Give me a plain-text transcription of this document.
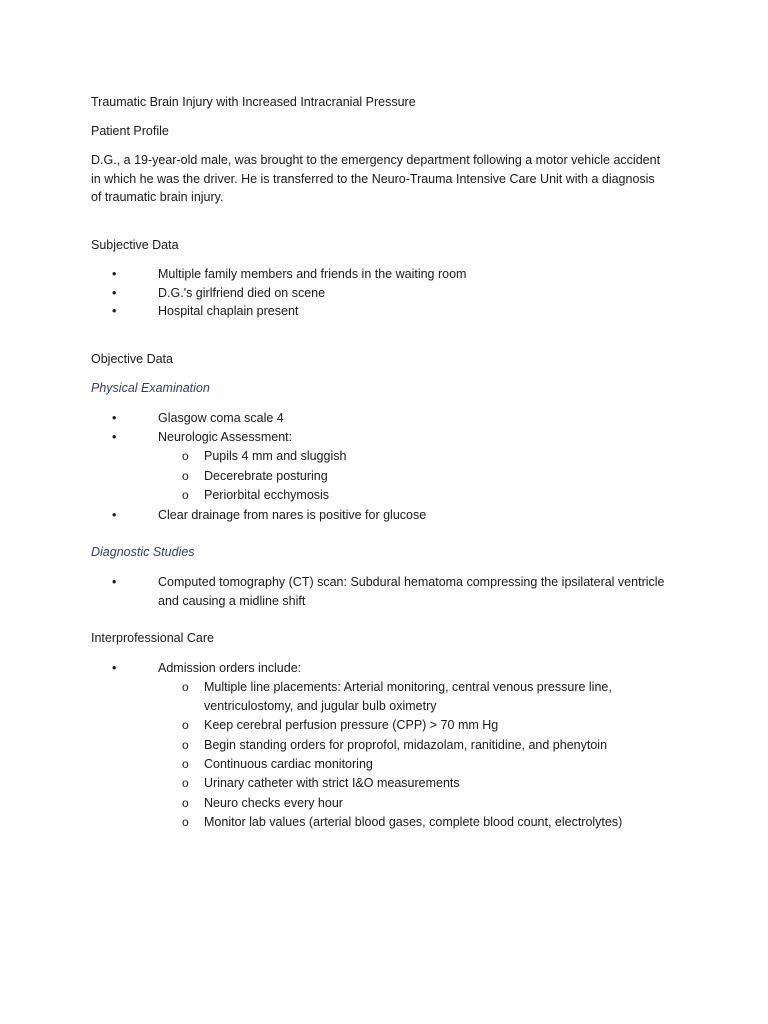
Traumatic Brain Injury with Increased Intracranial Pressure
Patient Profile
D.G., a 19-year-old male, was brought to the emergency department following a motor vehicle accident
in which he was the driver. He is transferred to the Neuro-Trauma Intensive Care Unit with a diagnosis
of traumatic brain injury.
Subjective Data
•	Multiple family members and friends in the waiting room
•	D.G.'s girlfriend died on scene
•	Hospital chaplain present
Objective Data
Physical Examination
•	Glasgow coma scale 4
•	Neurologic Assessment:
o Pupils 4 mm and sluggish
o Decerebrate posturing
o Periorbital ecchymosis
•	Clear drainage from nares is positive for glucose
Diagnostic Studies
•	Computed tomography (CT) scan: Subdural hematoma compressing the ipsilateral ventricle
and causing a midline shift
Interprofessional Care
•	Admission orders include:
o Multiple line placements: Arterial monitoring, central venous pressure line,
ventriculostomy, and jugular bulb oximetry
o Keep cerebral perfusion pressure (CPP) > 70 mm Hg
o Begin standing orders for proprofol, midazolam, ranitidine, and phenytoin
o Continuous cardiac monitoring
o Urinary catheter with strict I&O measurements
o Neuro checks every hour
o Monitor lab values (arterial blood gases, complete blood count, electrolytes)
